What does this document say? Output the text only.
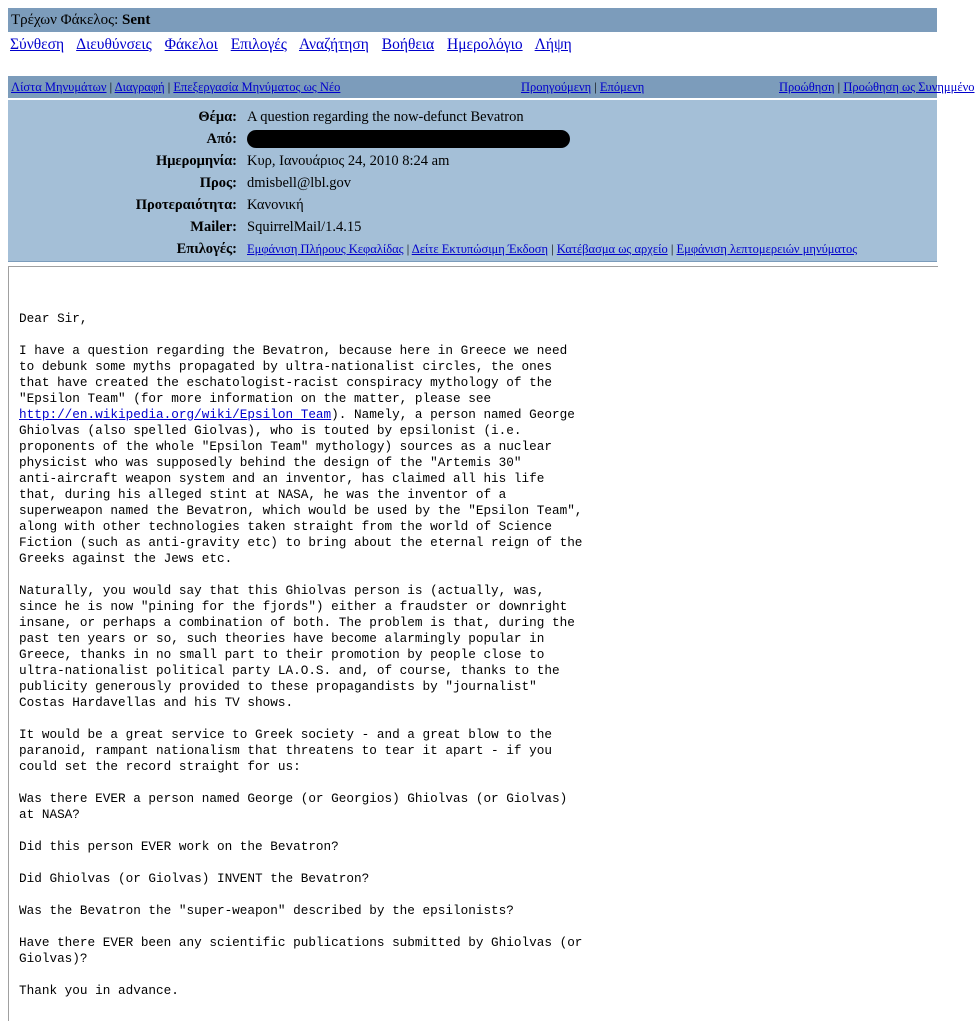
Τρέχων Φάκελος: Sent
Σύνθεση Διευθύνσεις Φάκελοι Επιλογές Αναζήτηση Βοήθεια Ημερολόγιο Λήψη
Λίστα Μηνυμάτων | Διαγραφή | Επεξεργασία Μηνύματος ως Νέο	Προηγούμενη | Επόμενη	Προώθηση | Προώθηση ως Συνημμένο
Θέμα: A question regarding the now-defunct Bevatron
Από:
Ημερομηνία: Κυρ, Ιανουάριος 24, 2010 8:24 am
Προς: dmisbell@lbl.gov
Προτεραιότητα: Κανονική
Mailer: SquirrelMail/1.4.15
Επιλογές: Εμφάνιση Πλήρους Κεφαλίδας | Δείτε Εκτυπώσιμη Έκδοση | Κατέβασμα ως αρχείο | Εμφάνιση λεπτομερειών μηνύματος
Dear Sir,

I have a question regarding the Bevatron, because here in Greece we need
to debunk some myths propagated by ultra-nationalist circles, the ones
that have created the eschatologist-racist conspiracy mythology of the
"Epsilon Team" (for more information on the matter, please see
http://en.wikipedia.org/wiki/Epsilon_Team). Namely, a person named George
Ghiolvas (also spelled Giolvas), who is touted by epsilonist (i.e.
proponents of the whole "Epsilon Team" mythology) sources as a nuclear
physicist who was supposedly behind the design of the "Artemis 30"
anti-aircraft weapon system and an inventor, has claimed all his life
that, during his alleged stint at NASA, he was the inventor of a
superweapon named the Bevatron, which would be used by the "Epsilon Team",
along with other technologies taken straight from the world of Science
Fiction (such as anti-gravity etc) to bring about the eternal reign of the
Greeks against the Jews etc.

Naturally, you would say that this Ghiolvas person is (actually, was,
since he is now "pining for the fjords") either a fraudster or downright
insane, or perhaps a combination of both. The problem is that, during the
past ten years or so, such theories have become alarmingly popular in
Greece, thanks in no small part to their promotion by people close to
ultra-nationalist political party LA.O.S. and, of course, thanks to the
publicity generously provided to these propagandists by "journalist"
Costas Hardavellas and his TV shows.

It would be a great service to Greek society - and a great blow to the
paranoid, rampant nationalism that threatens to tear it apart - if you
could set the record straight for us:

Was there EVER a person named George (or Georgios) Ghiolvas (or Giolvas)
at NASA?

Did this person EVER work on the Bevatron?

Did Ghiolvas (or Giolvas) INVENT the Bevatron?

Was the Bevatron the "super-weapon" described by the epsilonists?

Have there EVER been any scientific publications submitted by Ghiolvas (or
Giolvas)?

Thank you in advance.
